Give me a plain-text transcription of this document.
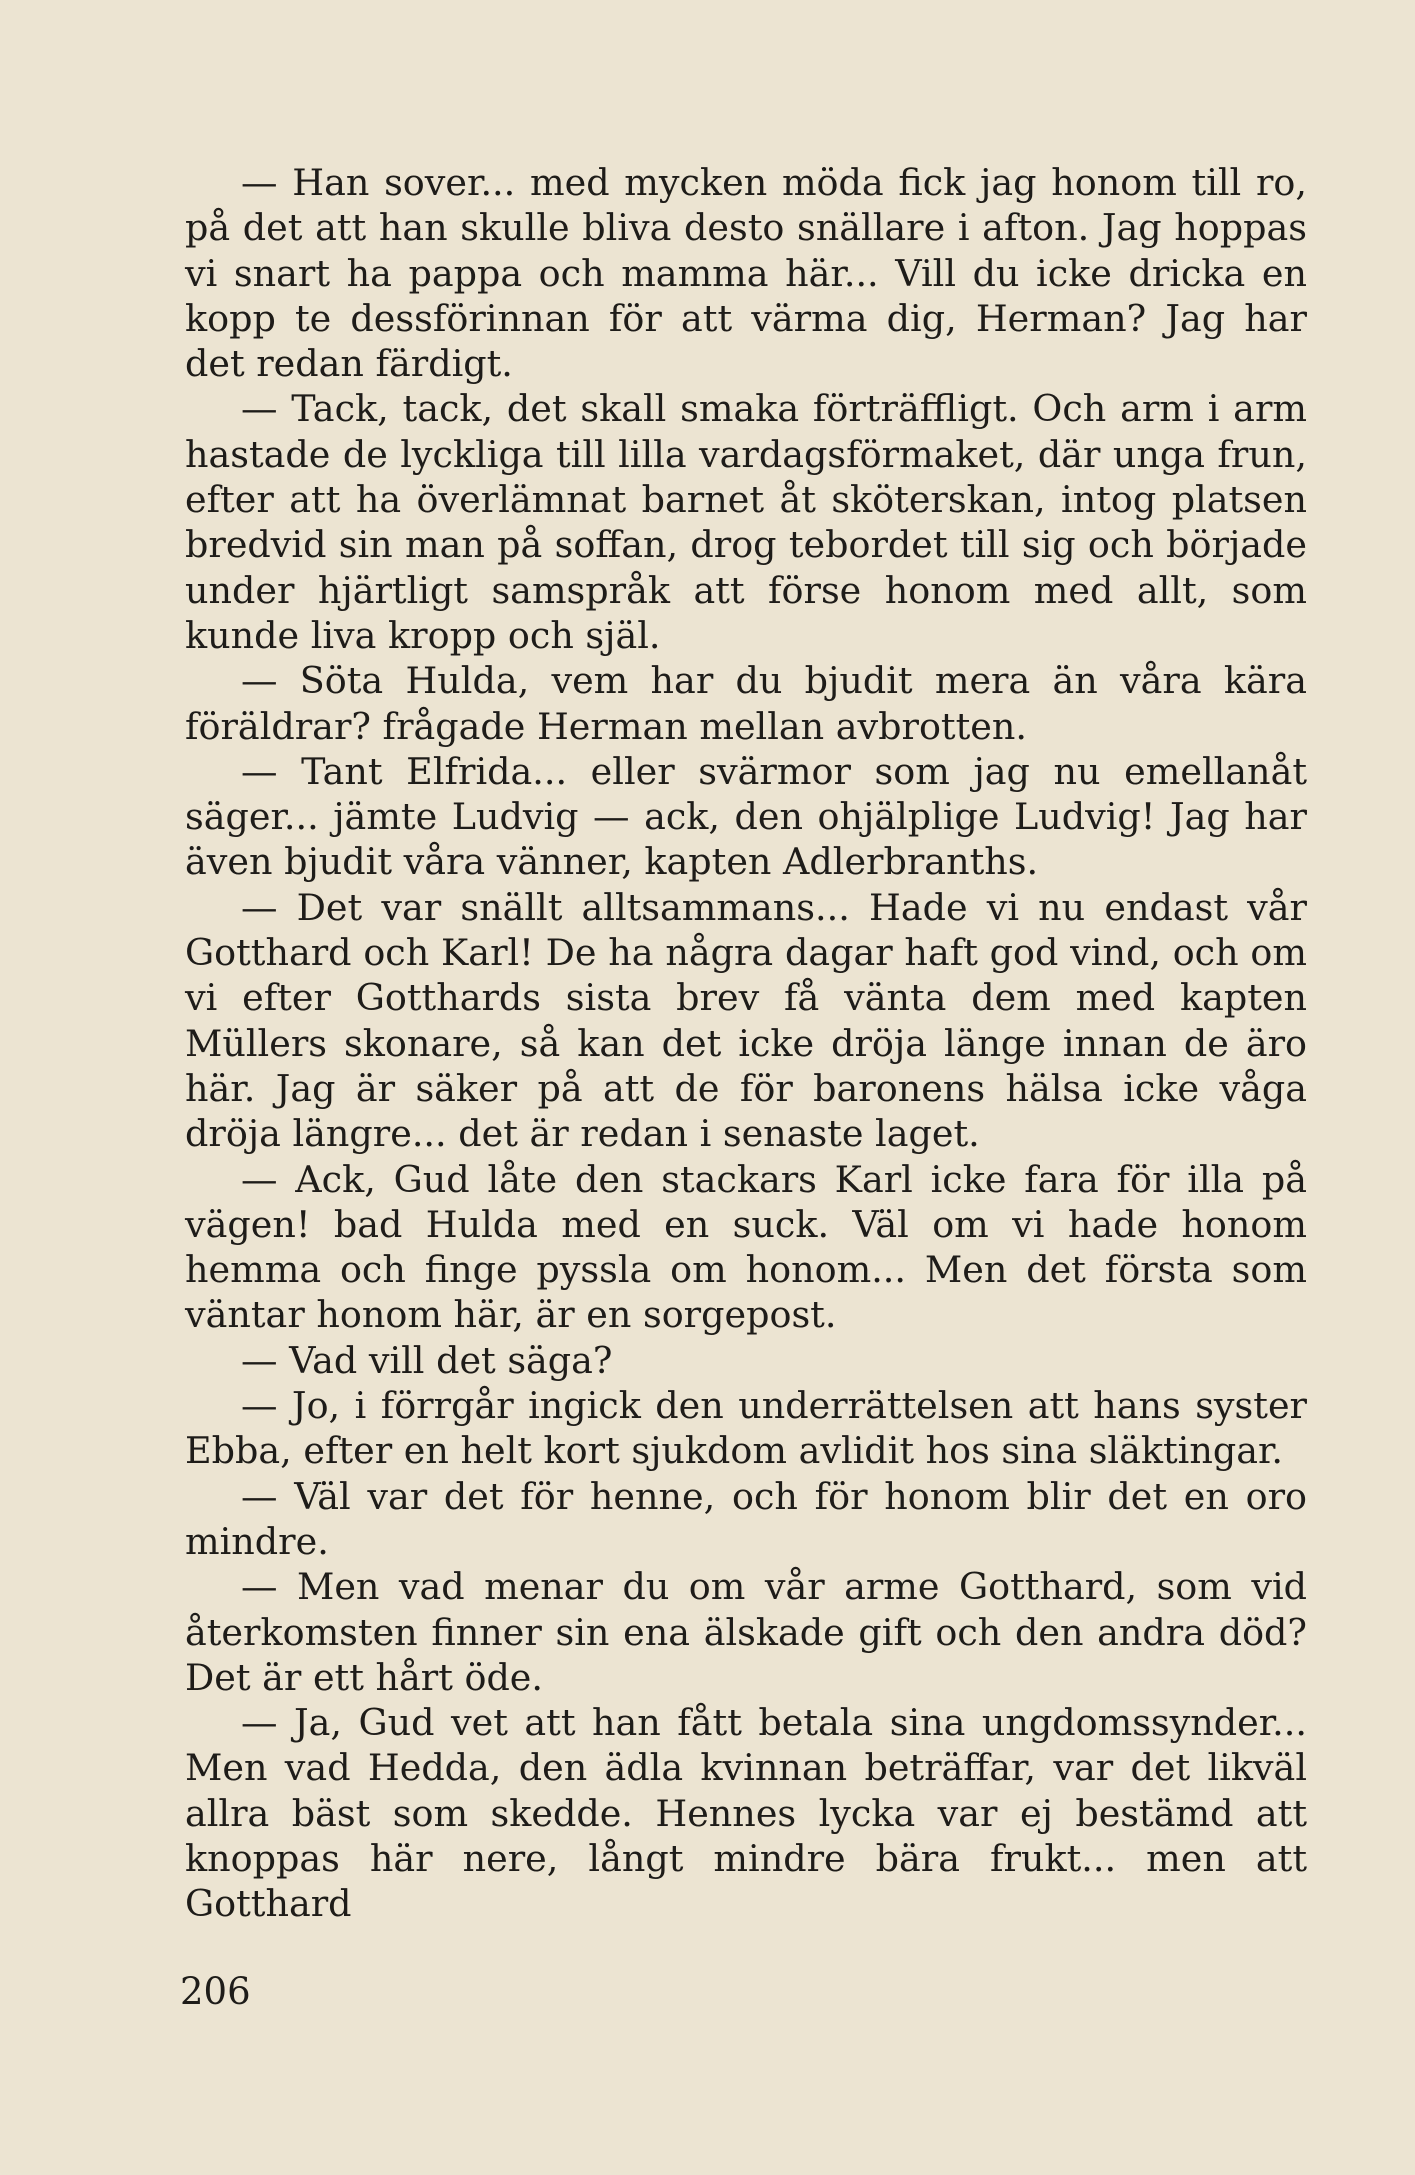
— Han sover... med mycken möda fick jag honom till ro, på det att han skulle bliva desto snällare i afton. Jag hoppas vi snart ha pappa och mamma här... Vill du icke dricka en kopp te dessförinnan för att värma dig, Herman? Jag har det redan färdigt.

— Tack, tack, det skall smaka förträffligt. Och arm i arm hastade de lyckliga till lilla vardagsförmaket, där unga frun, efter att ha överlämnat barnet åt sköterskan, intog platsen bredvid sin man på soffan, drog tebordet till sig och började under hjärtligt samspråk att förse honom med allt, som kunde liva kropp och själ.

— Söta Hulda, vem har du bjudit mera än våra kära föräldrar? frågade Herman mellan avbrotten.

— Tant Elfrida... eller svärmor som jag nu emellanåt säger... jämte Ludvig — ack, den ohjälplige Ludvig! Jag har även bjudit våra vänner, kapten Adlerbranths.

— Det var snällt alltsammans... Hade vi nu endast vår Gotthard och Karl! De ha några dagar haft god vind, och om vi efter Gotthards sista brev få vänta dem med kapten Müllers skonare, så kan det icke dröja länge innan de äro här. Jag är säker på att de för baronens hälsa icke våga dröja längre... det är redan i senaste laget.

— Ack, Gud låte den stackars Karl icke fara för illa på vägen! bad Hulda med en suck. Väl om vi hade honom hemma och finge pyssla om honom... Men det första som väntar honom här, är en sorgepost.

— Vad vill det säga?

— Jo, i förrgår ingick den underrättelsen att hans syster Ebba, efter en helt kort sjukdom avlidit hos sina släktingar.

— Väl var det för henne, och för honom blir det en oro mindre.

— Men vad menar du om vår arme Gotthard, som vid återkomsten finner sin ena älskade gift och den andra död? Det är ett hårt öde.

— Ja, Gud vet att han fått betala sina ungdomssynder... Men vad Hedda, den ädla kvinnan beträffar, var det likväl allra bäst som skedde. Hennes lycka var ej bestämd att knoppas här nere, långt mindre bära frukt... men att Gotthard

206
